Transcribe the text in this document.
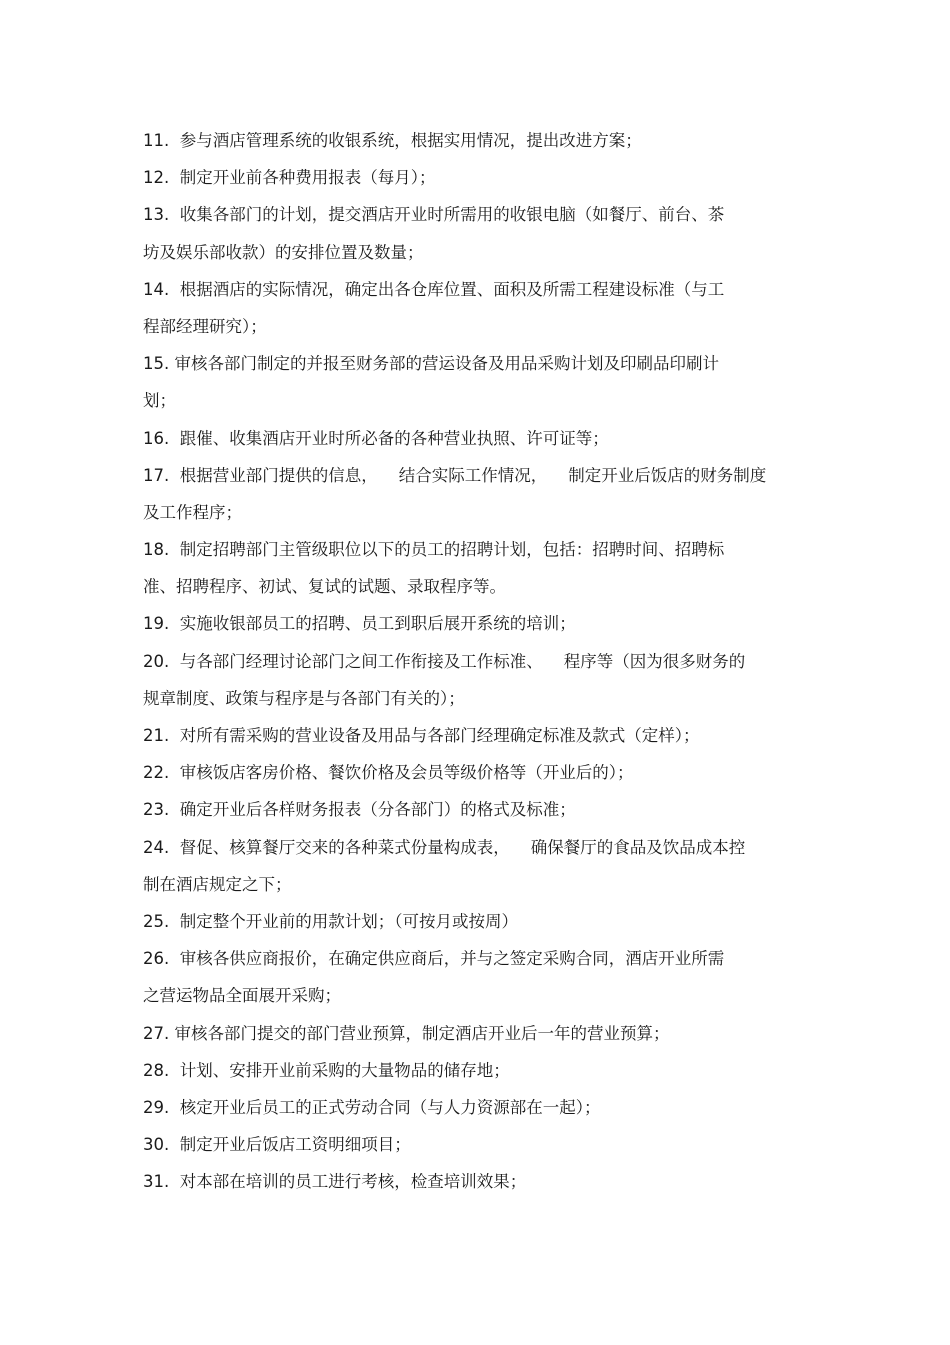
11.  参与酒店管理系统的收银系统，根据实用情况，提出改进方案；
12.  制定开业前各种费用报表（每月）；
13.  收集各部门的计划，提交酒店开业时所需用的收银电脑（如餐厅、前台、茶
坊及娱乐部收款）的安排位置及数量；
14.  根据酒店的实际情况，确定出各仓库位置、面积及所需工程建设标准（与工
程部经理研究）；
15. 审核各部门制定的并报至财务部的营运设备及用品采购计划及印刷品印刷计
划；
16.  跟催、收集酒店开业时所必备的各种营业执照、许可证等；
17.  根据营业部门提供的信息，    结合实际工作情况，    制定开业后饭店的财务制度
及工作程序；
18.  制定招聘部门主管级职位以下的员工的招聘计划，包括：招聘时间、招聘标
准、招聘程序、初试、复试的试题、录取程序等。
19.  实施收银部员工的招聘、员工到职后展开系统的培训；
20.  与各部门经理讨论部门之间工作衔接及工作标准、    程序等（因为很多财务的
规章制度、政策与程序是与各部门有关的）；
21.  对所有需采购的营业设备及用品与各部门经理确定标准及款式（定样）；
22.  审核饭店客房价格、餐饮价格及会员等级价格等（开业后的）；
23.  确定开业后各样财务报表（分各部门）的格式及标准；
24.  督促、核算餐厅交来的各种菜式份量构成表，    确保餐厅的食品及饮品成本控
制在酒店规定之下；
25.  制定整个开业前的用款计划；（可按月或按周）
26.  审核各供应商报价，在确定供应商后，并与之签定采购合同，酒店开业所需
之营运物品全面展开采购；
27. 审核各部门提交的部门营业预算，制定酒店开业后一年的营业预算；
28.  计划、安排开业前采购的大量物品的储存地；
29.  核定开业后员工的正式劳动合同（与人力资源部在一起）；
30.  制定开业后饭店工资明细项目；
31.  对本部在培训的员工进行考核，检查培训效果；
